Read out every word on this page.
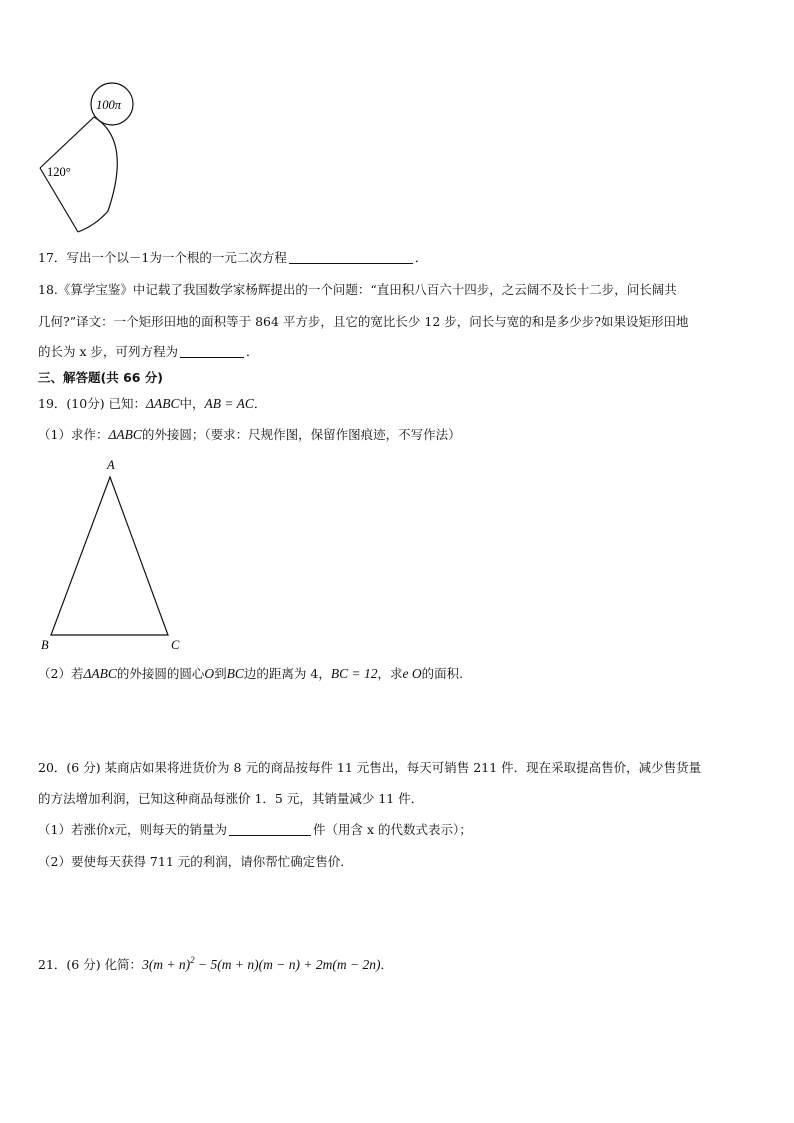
100π
120°
17．写出一个以－1为一个根的一元二次方程	．
18.《算学宝鉴》中记载了我国数学家杨辉提出的一个问题：“直田积八百六十四步，之云阔不及长十二步，问长阔共
几何?”译文：一个矩形田地的面积等于 864 平方步，且它的宽比长少 12 步，问长与宽的和是多少步?如果设矩形田地
的长为 x 步，可列方程为	．
三、解答题(共 66 分)
19．(10分) 已知：ΔABC中，AB = AC．
（1）求作：ΔABC的外接圆；（要求：尺规作图，保留作图痕迹，不写作法）
A
B	C
（2）若ΔABC的外接圆的圆心O到BC边的距离为 4，BC = 12，求e O的面积.
20．(6 分) 某商店如果将进货价为 8 元的商品按每件 11 元售出，每天可销售 211 件．现在采取提高售价，减少售货量
的方法增加利润，已知这种商品每涨价 1．5 元，其销量减少 11 件．
（1）若涨价x元，则每天的销量为	件（用含 x 的代数式表示）；
（2）要使每天获得 711 元的利润，请你帮忙确定售价．
21．(6 分) 化简：$3(m + n)^2 - 5(m + n)(m - n) + 2m(m - 2n)$．
